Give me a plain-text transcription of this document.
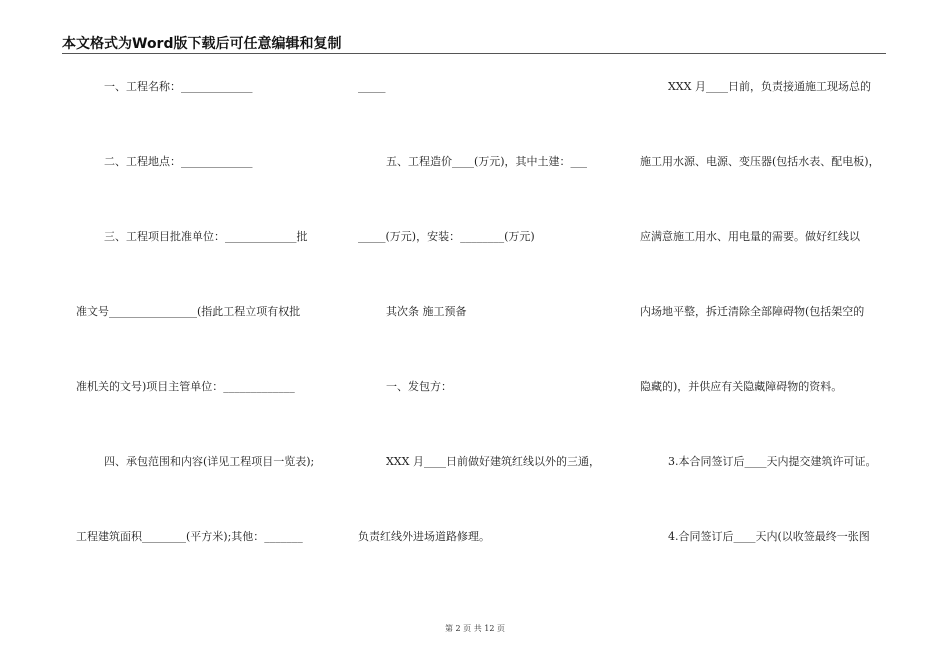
本文格式为Word版下载后可任意编辑和复制
一、工程名称：_____________
二、工程地点：_____________
三、工程项目批准单位：_____________批
准文号________________(指此工程立项有权批
准机关的文号)项目主管单位：_____________
四、承包范围和内容(详见工程项目一览表);
工程建筑面积________(平方米);其他：_______
_____
五、工程造价____(万元)，其中土建：___
_____(万元)，安装：________(万元)
其次条 施工预备
一、发包方：
XXX 月____日前做好建筑红线以外的三通，
负责红线外进场道路修理。
XXX 月____日前，负责接通施工现场总的
施工用水源、电源、变压器(包括水表、配电板)，
应满意施工用水、用电量的需要。做好红线以
内场地平整，拆迁清除全部障碍物(包括架空的
隐藏的)，并供应有关隐藏障碍物的资料。
3.本合同签订后____天内提交建筑许可证。
4.合同签订后____天内(以收签最终一张图
第 2 页 共 12 页
